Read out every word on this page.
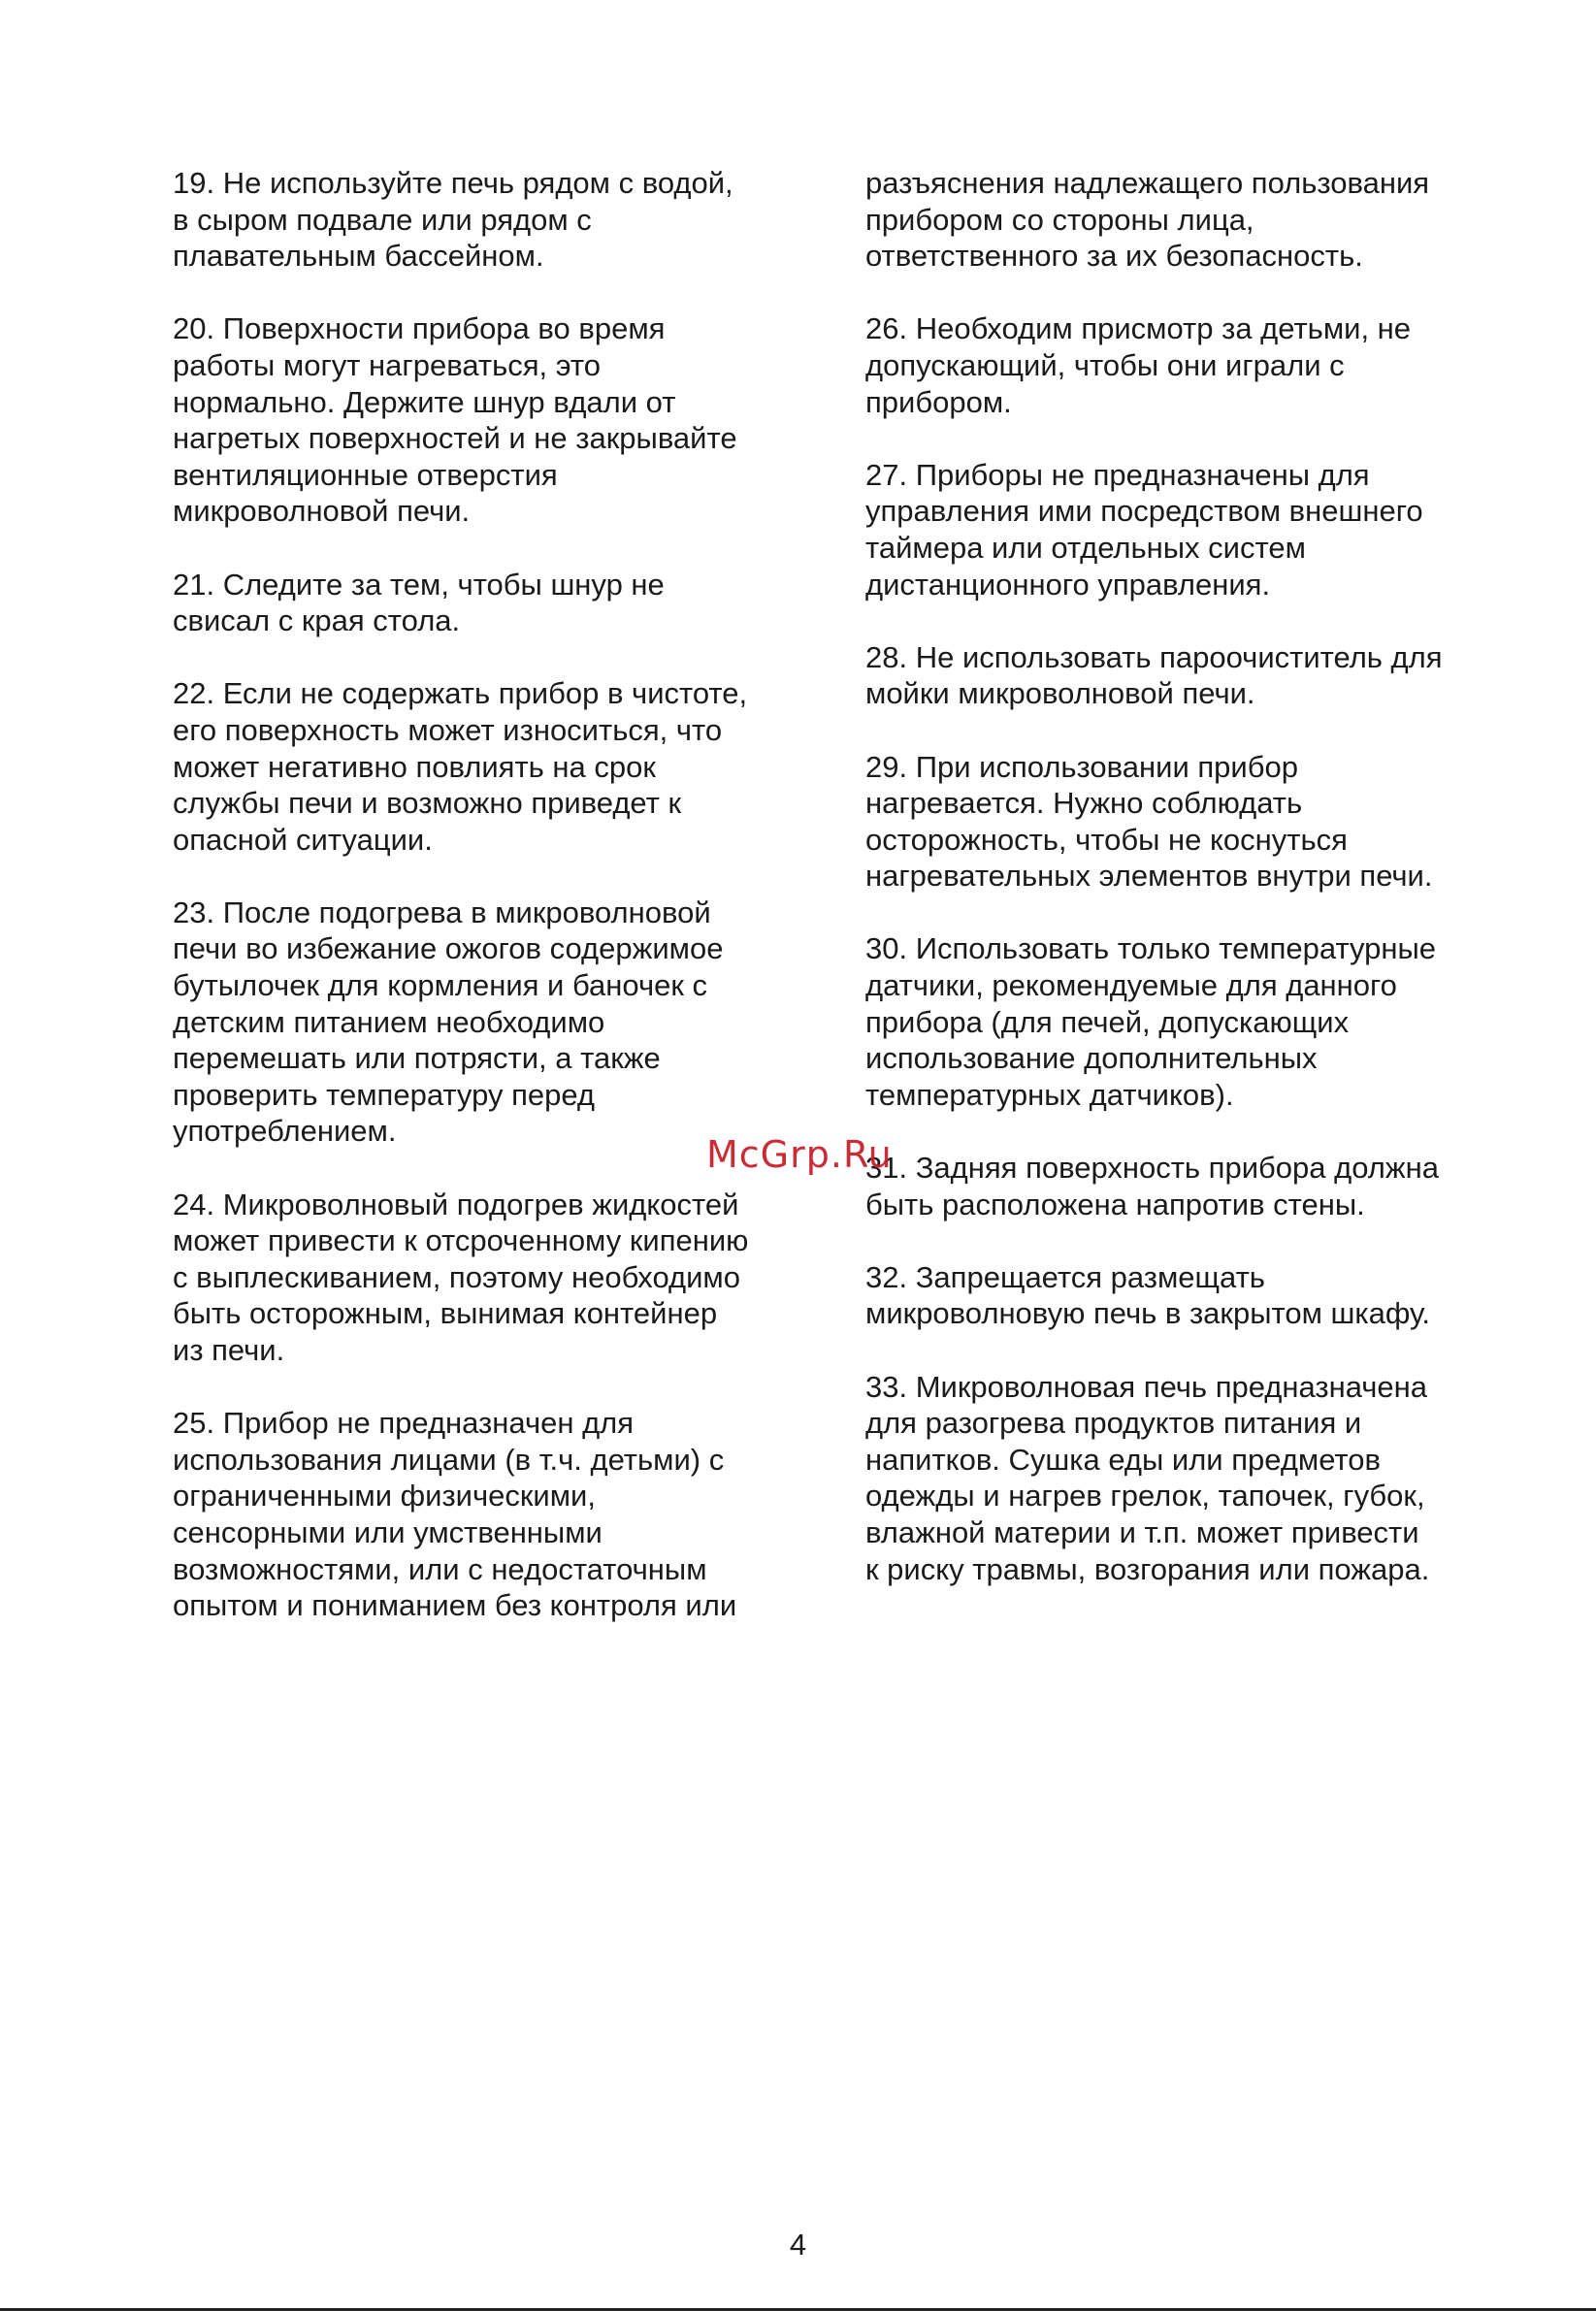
19. Не используйте печь рядом с водой,
в сыром подвале или рядом с
плавательным бассейном.

20. Поверхности прибора во время
работы могут нагреваться, это
нормально. Держите шнур вдали от
нагретых поверхностей и не закрывайте
вентиляционные отверстия
микроволновой печи.

21. Следите за тем, чтобы шнур не
свисал с края стола.

22. Если не содержать прибор в чистоте,
его поверхность может износиться, что
может негативно повлиять на срок
службы печи и возможно приведет к
опасной ситуации.

23. После подогрева в микроволновой
печи во избежание ожогов содержимое
бутылочек для кормления и баночек с
детским питанием необходимо
перемешать или потрясти, а также
проверить температуру перед
употреблением.

24. Микроволновый подогрев жидкостей
может привести к отсроченному кипению
с выплескиванием, поэтому необходимо
быть осторожным, вынимая контейнер
из печи.

25. Прибор не предназначен для
использования лицами (в т.ч. детьми) с
ограниченными физическими,
сенсорными или умственными
возможностями, или с недостаточным
опытом и пониманием без контроля или

разъяснения надлежащего пользования
прибором со стороны лица,
ответственного за их безопасность.

26. Необходим присмотр за детьми, не
допускающий, чтобы они играли с
прибором.

27. Приборы не предназначены для
управления ими посредством внешнего
таймера или отдельных систем
дистанционного управления.

28. Не использовать пароочиститель для
мойки микроволновой печи.

29. При использовании прибор
нагревается. Нужно соблюдать
осторожность, чтобы не коснуться
нагревательных элементов внутри печи.

30. Использовать только температурные
датчики, рекомендуемые для данного
прибора (для печей, допускающих
использование дополнительных
температурных датчиков).

31. Задняя поверхность прибора должна
быть расположена напротив стены.

32. Запрещается размещать
микроволновую печь в закрытом шкафу.

33. Микроволновая печь предназначена
для разогрева продуктов питания и
напитков. Сушка еды или предметов
одежды и нагрев грелок, тапочек, губок,
влажной материи и т.п. может привести
к риску травмы, возгорания или пожара.

McGrp.Ru
4
